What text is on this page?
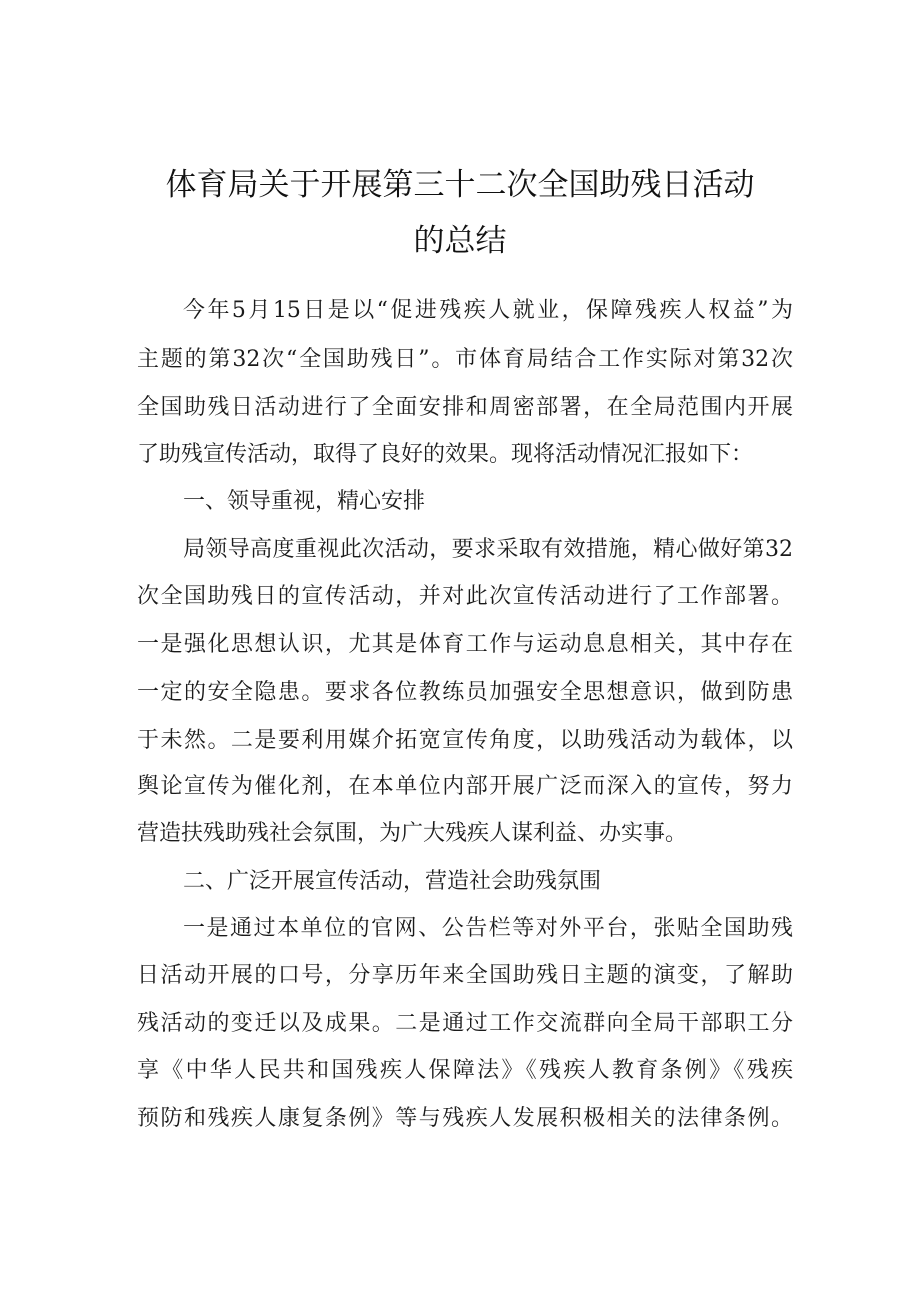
体育局关于开展第三十二次全国助残日活动
的总结
今年5月15日是以“促进残疾人就业，保障残疾人权益”为
主题的第32次“全国助残日”。市体育局结合工作实际对第32次
全国助残日活动进行了全面安排和周密部署，在全局范围内开展
了助残宣传活动，取得了良好的效果。现将活动情况汇报如下：
一、领导重视，精心安排
局领导高度重视此次活动，要求采取有效措施，精心做好第32
次全国助残日的宣传活动，并对此次宣传活动进行了工作部署。
一是强化思想认识，尤其是体育工作与运动息息相关，其中存在
一定的安全隐患。要求各位教练员加强安全思想意识，做到防患
于未然。二是要利用媒介拓宽宣传角度，以助残活动为载体，以
舆论宣传为催化剂，在本单位内部开展广泛而深入的宣传，努力
营造扶残助残社会氛围，为广大残疾人谋利益、办实事。
二、广泛开展宣传活动，营造社会助残氛围
一是通过本单位的官网、公告栏等对外平台，张贴全国助残
日活动开展的口号，分享历年来全国助残日主题的演变，了解助
残活动的变迁以及成果。二是通过工作交流群向全局干部职工分
享《中华人民共和国残疾人保障法》《残疾人教育条例》《残疾
预防和残疾人康复条例》等与残疾人发展积极相关的法律条例。
